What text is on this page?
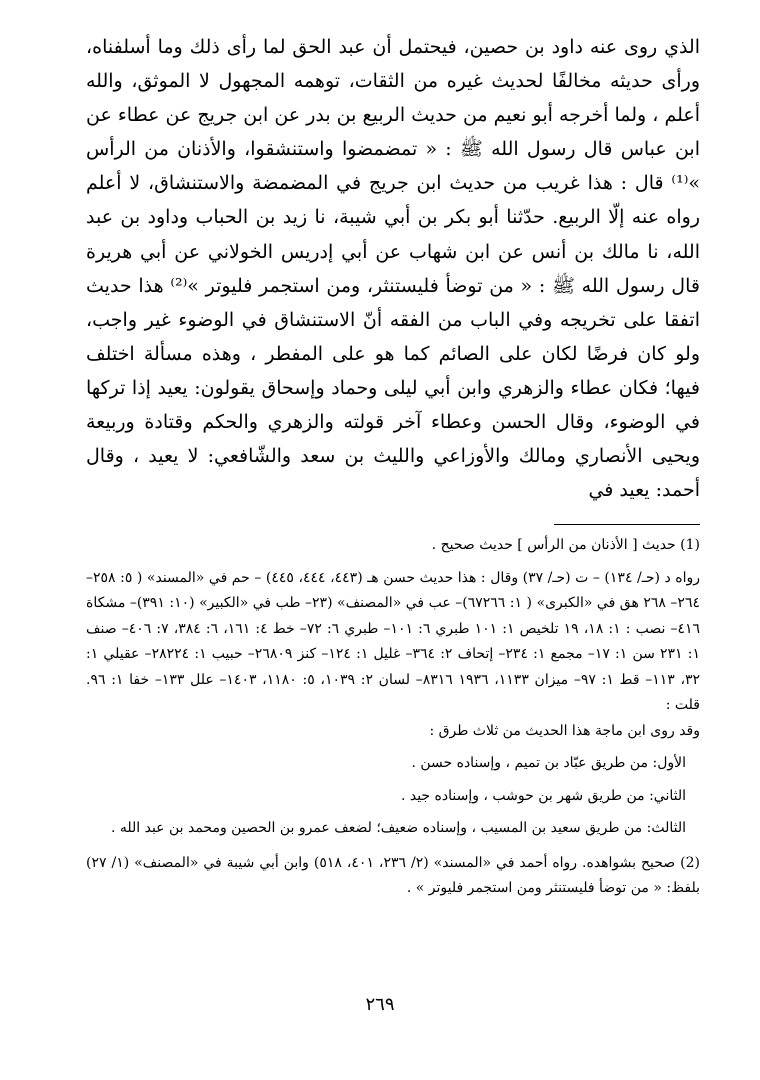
الذي روى عنه داود بن حصين، فيحتمل أن عبد الحق لما رأى ذلك وما أسلفناه، ورأى حديثه مخالفًا لحديث غيره من الثقات، توهمه المجهول لا الموثق، والله أعلم ، ولما أخرجه أبو نعيم من حديث الربيع بن بدر عن ابن جريج عن عطاء عن ابن عباس قال رسول الله ﷺ : « تمضمضوا واستنشقوا، والأذنان من الرأس »⁽¹⁾ قال : هذا غريب من حديث ابن جريج في المضمضة والاستنشاق، لا أعلم رواه عنه إلّا الربيع. حدّثنا أبو بكر بن أبي شيبة، نا زيد بن الحباب وداود بن عبد الله، نا مالك بن أنس عن ابن شهاب عن أبي إدريس الخولاني عن أبي هريرة قال رسول الله ﷺ : « من توضأ فليستنثر، ومن استجمر فليوتر »⁽²⁾ هذا حديث اتفقا على تخريجه وفي الباب من الفقه أنّ الاستنشاق في الوضوء غير واجب، ولو كان فرضًا لكان على الصائم كما هو على المفطر ، وهذه مسألة اختلف فيها؛ فكان عطاء والزهري وابن أبي ليلى وحماد وإسحاق يقولون: يعيد إذا تركها في الوضوء، وقال الحسن وعطاء آخر قولته والزهري والحكم وقتادة وربيعة ويحيى الأنصاري ومالك والأوزاعي والليث بن سعد والشّافعي: لا يعيد ، وقال أحمد: يعيد في

(1) حديث [ الأذنان من الرأس ] حديث صحيح .

رواه د (حـ/ ١٣٤) – ت (حـ/ ٣٧) وقال : هذا حديث حسن هـ (٤٤٣، ٤٤٤، ٤٤٥) – حم في «المسند» ( ٥: ٢٥٨– ٢٦٤– ٢٦٨ هق في «الكبرى» ( ١: ٦٧٢٦٦)– عب في «المصنف» (٢٣– طب في «الكبير» (١٠: ٣٩١)– مشكاة ٤١٦– نصب : ١: ١٨، ١٩ تلخيص ١: ١٠١ طبري ٦: ١٠١– طبري ٦: ٧٢– خط ٤: ١٦١، ٦: ٣٨٤، ٧: ٤٠٦– صنف ١: ٢٣١ سن ١: ١٧– مجمع ١: ٢٣٤– إتحاف ٢: ٣٦٤– غليل ١: ١٢٤– كنز ٢٦٨٠٩– حبيب ١: ٢٨٢٢٤– عقيلي ١: ٣٢، ١١٣– قط ١: ٩٧– ميزان ١١٣٣، ١٩٣٦ ٨٣١٦– لسان ٢: ١٠٣٩، ٥: ١١٨٠، ١٤٠٣– علل ١٣٣– خفا ١: ٩٦. قلت :

وقد روى ابن ماجة هذا الحديث من ثلاث طرق :

الأول: من طريق عبّاد بن تميم ، وإسناده حسن .

الثاني: من طريق شهر بن حوشب ، وإسناده جيد .

الثالث: من طريق سعيد بن المسيب ، وإسناده ضعيف؛ لضعف عمرو بن الحصين ومحمد بن عبد الله .

(2) صحيح بشواهده. رواه أحمد في «المسند» (٢/ ٢٣٦، ٤٠١، ٥١٨) وابن أبي شيبة في «المصنف» (١/ ٢٧) بلفظ: « من توضأ فليستنثر ومن استجمر فليوتر » .

٢٦٩
